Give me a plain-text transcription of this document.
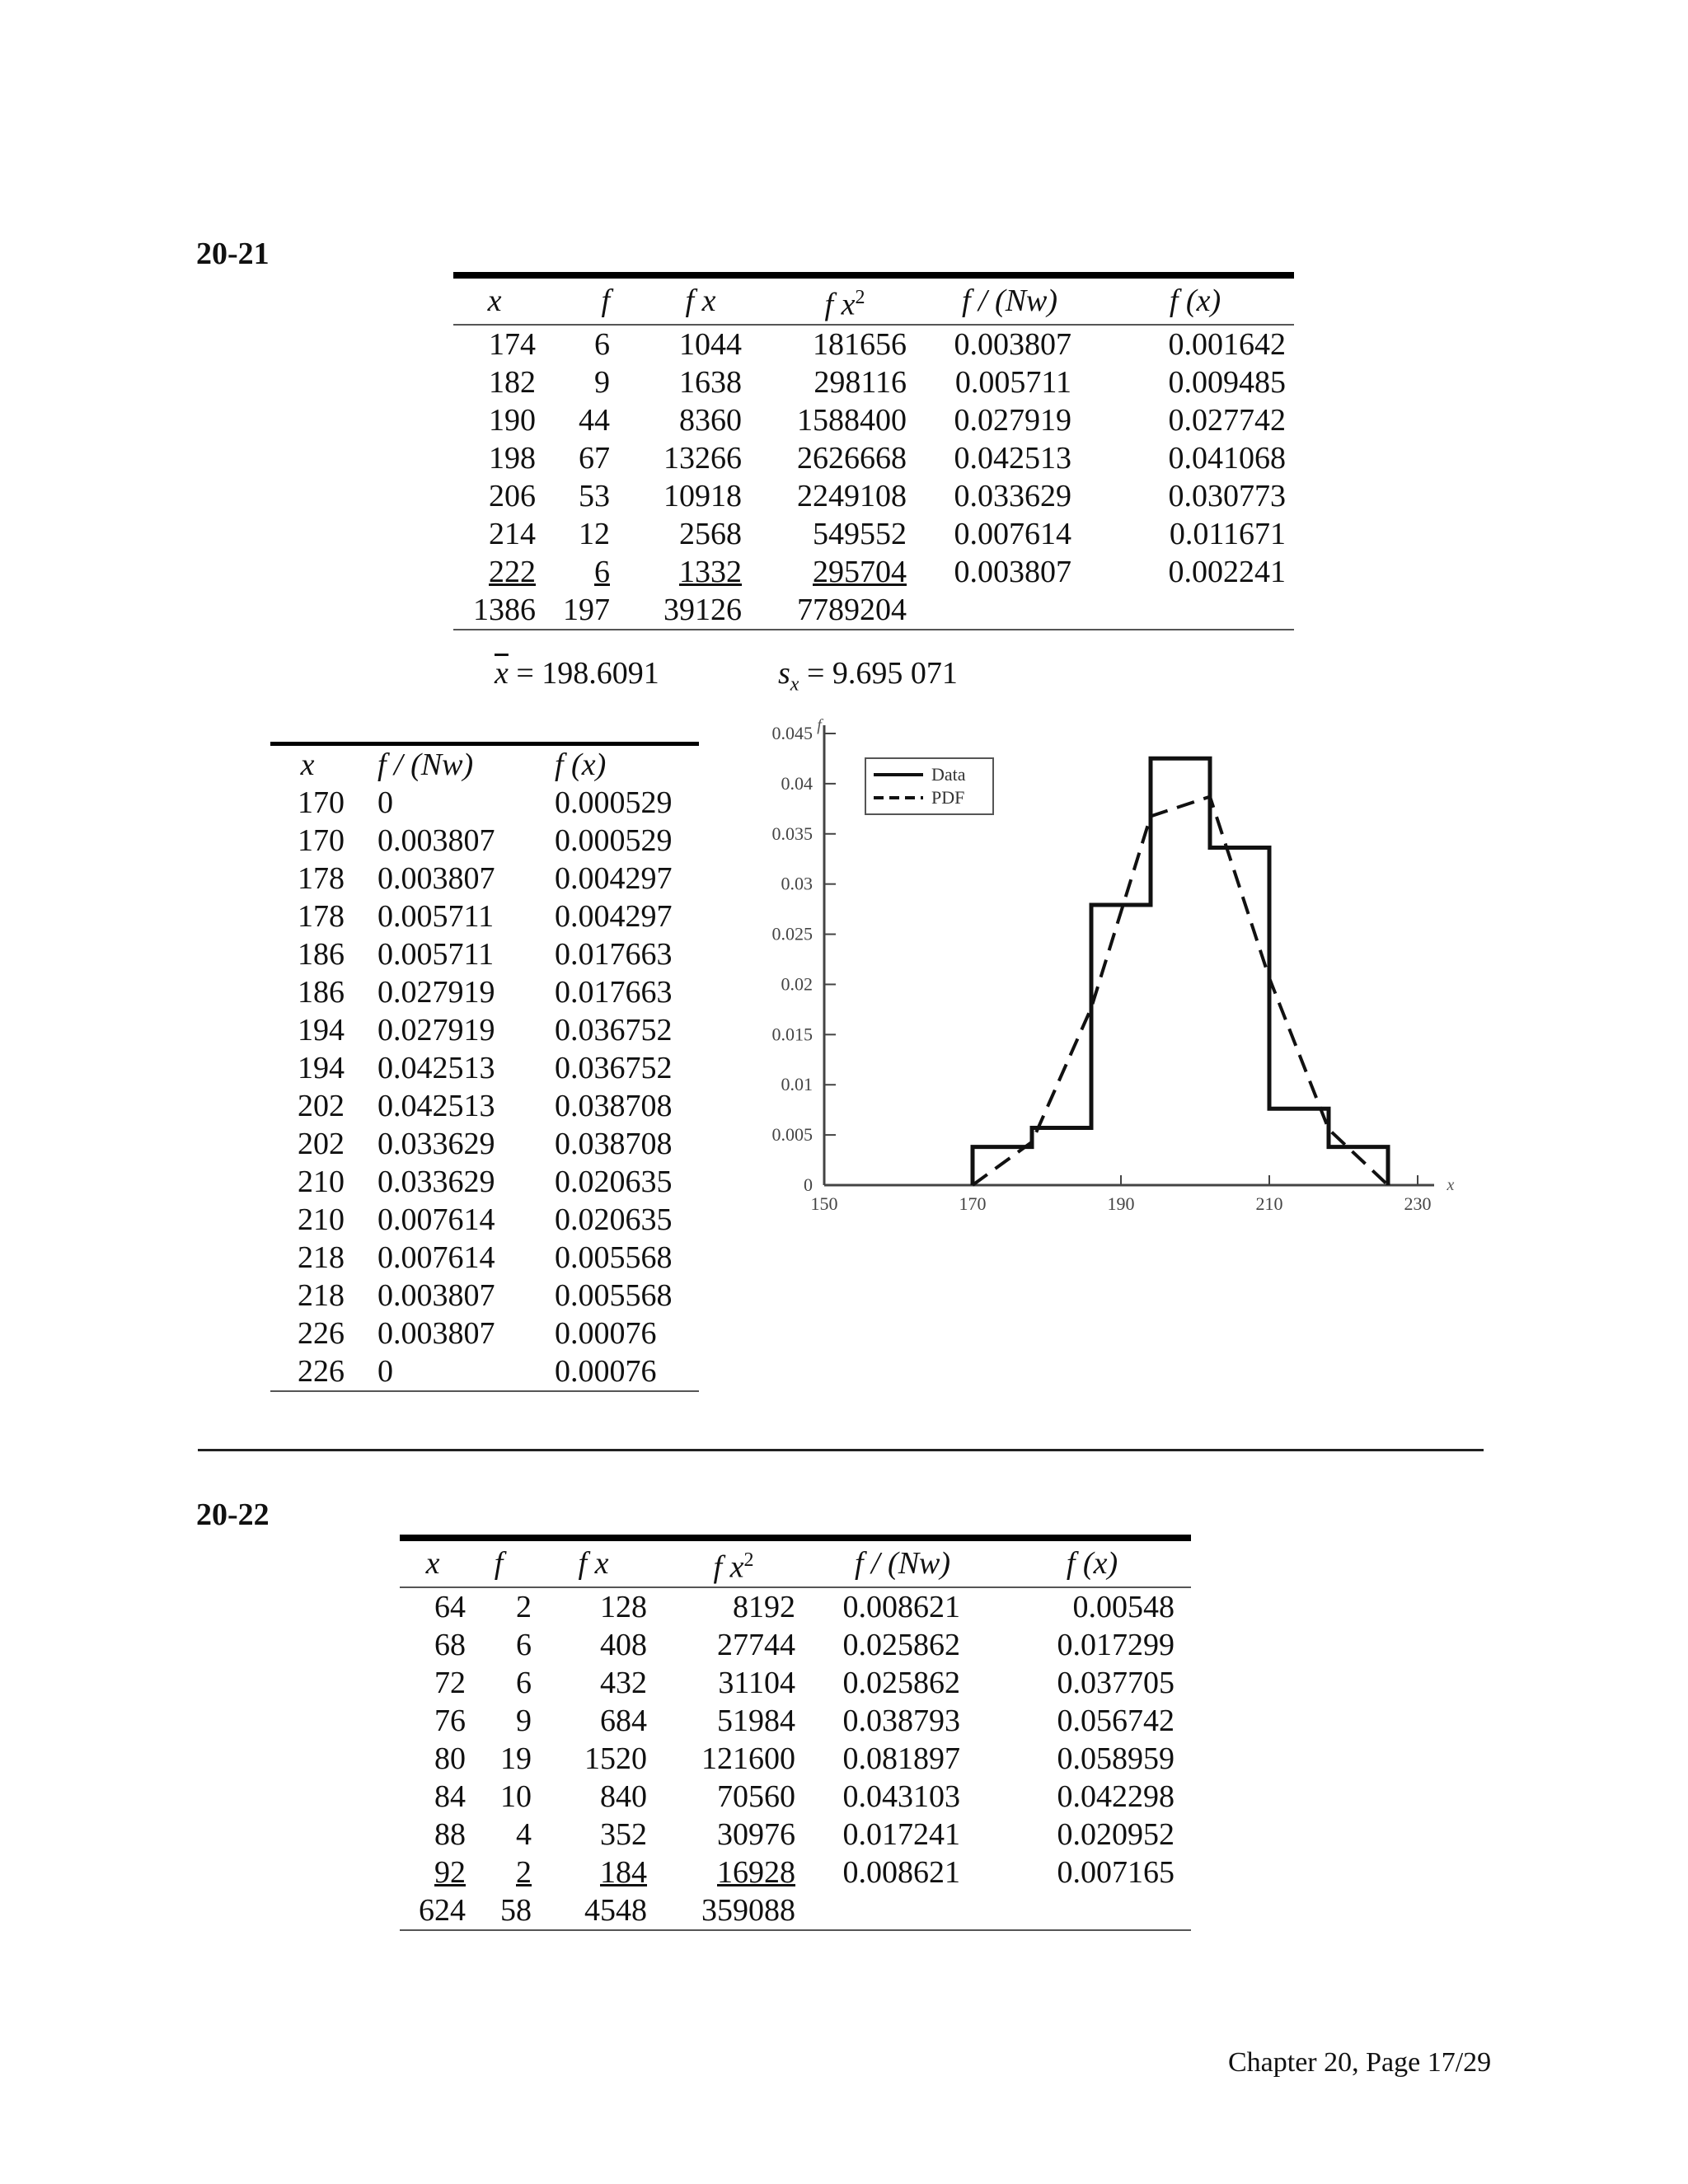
20-21
x	f	f x	f $x^2$	f / (Nw)	f (x)
174	6	1044	181656	0.003807	0.001642
182	9	1638	298116	0.005711	0.009485
190	44	8360	1588400	0.027919	0.027742
198	67	13266	2626668	0.042513	0.041068
206	53	10918	2249108	0.033629	0.030773
214	12	2568	549552	0.007614	0.011671
222	6	1332	295704	0.003807	0.002241
1386	197	39126	7789204		
$\overline{x} = 198.6091$	$s_x = 9.695$ 071
x	f / (Nw)	f (x)
170	0	0.000529
170	0.003807	0.000529
178	0.003807	0.004297
178	0.005711	0.004297
186	0.005711	0.017663
186	0.027919	0.017663
194	0.027919	0.036752
194	0.042513	0.036752
202	0.042513	0.038708
202	0.033629	0.038708
210	0.033629	0.020635
210	0.007614	0.020635
218	0.007614	0.005568
218	0.003807	0.005568
226	0.003807	0.00076
226	0	0.00076
0
0.005
0.01
0.015
0.02
0.025
0.03
0.035
0.04
0.045
150	170	190	210	230
f
x
Data
PDF
20-22
x	f	f x	f $x^2$	f / (Nw)	f (x)
64	2	128	8192	0.008621	0.00548
68	6	408	27744	0.025862	0.017299
72	6	432	31104	0.025862	0.037705
76	9	684	51984	0.038793	0.056742
80	19	1520	121600	0.081897	0.058959
84	10	840	70560	0.043103	0.042298
88	4	352	30976	0.017241	0.020952
92	2	184	16928	0.008621	0.007165
624	58	4548	359088		
Chapter 20, Page 17/29
